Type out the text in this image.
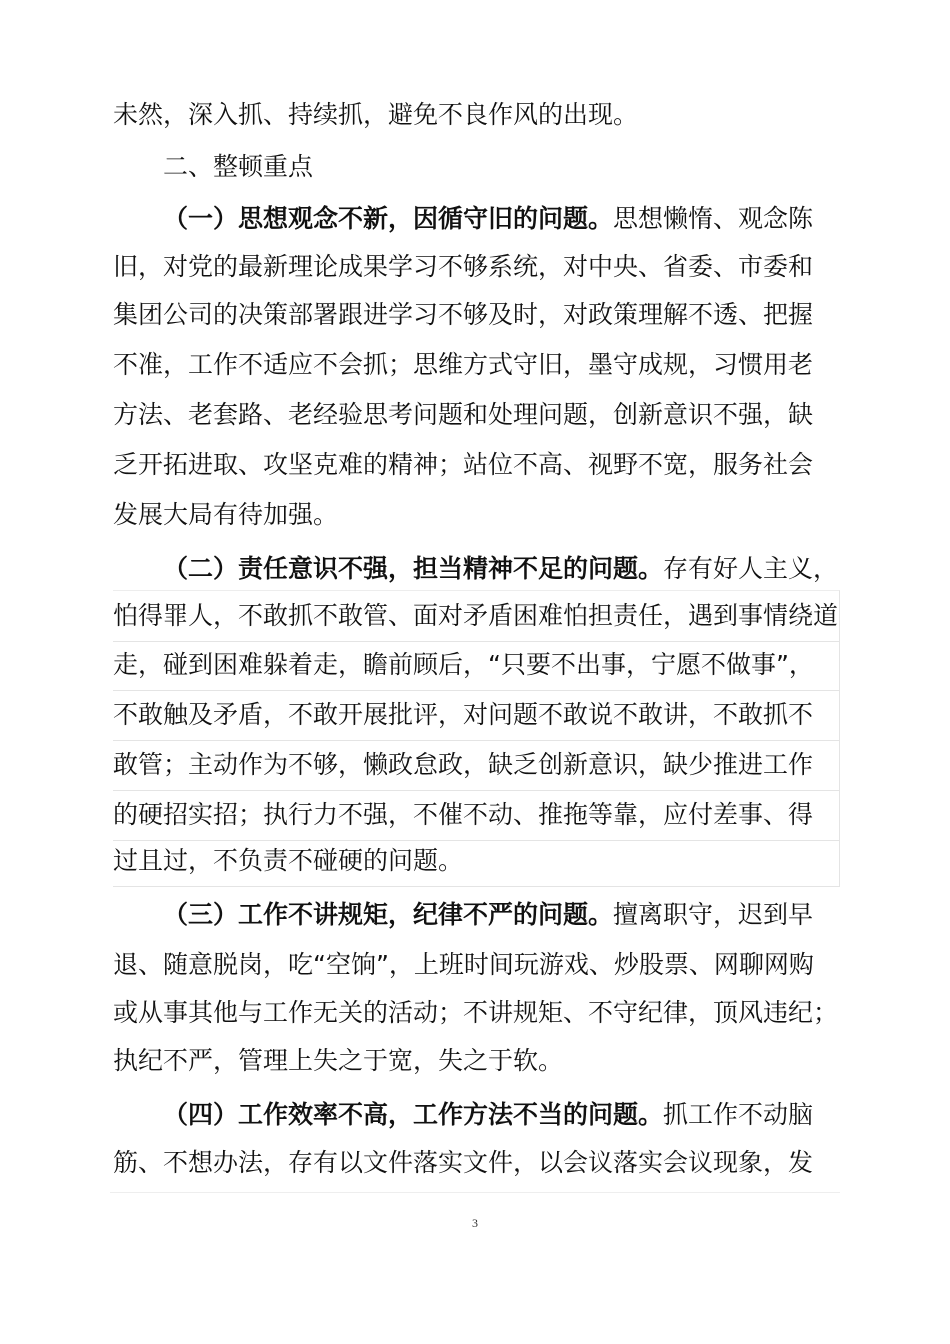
未然，深入抓、持续抓，避免不良作风的出现。
二、整顿重点
（一）思想观念不新，因循守旧的问题。思想懒惰、观念陈
旧，对党的最新理论成果学习不够系统，对中央、省委、市委和
集团公司的决策部署跟进学习不够及时，对政策理解不透、把握
不准，工作不适应不会抓；思维方式守旧，墨守成规，习惯用老
方法、老套路、老经验思考问题和处理问题，创新意识不强，缺
乏开拓进取、攻坚克难的精神；站位不高、视野不宽，服务社会
发展大局有待加强。
（二）责任意识不强，担当精神不足的问题。存有好人主义，
怕得罪人，不敢抓不敢管、面对矛盾困难怕担责任，遇到事情绕道
走，碰到困难躲着走，瞻前顾后，“只要不出事，宁愿不做事”，
不敢触及矛盾，不敢开展批评，对问题不敢说不敢讲，不敢抓不
敢管；主动作为不够，懒政怠政，缺乏创新意识，缺少推进工作
的硬招实招；执行力不强，不催不动、推拖等靠，应付差事、得
过且过，不负责不碰硬的问题。
（三）工作不讲规矩，纪律不严的问题。擅离职守，迟到早
退、随意脱岗，吃“空饷”，上班时间玩游戏、炒股票、网聊网购
或从事其他与工作无关的活动；不讲规矩、不守纪律，顶风违纪；
执纪不严，管理上失之于宽，失之于软。
（四）工作效率不高，工作方法不当的问题。抓工作不动脑
筋、不想办法，存有以文件落实文件，以会议落实会议现象，发
3
